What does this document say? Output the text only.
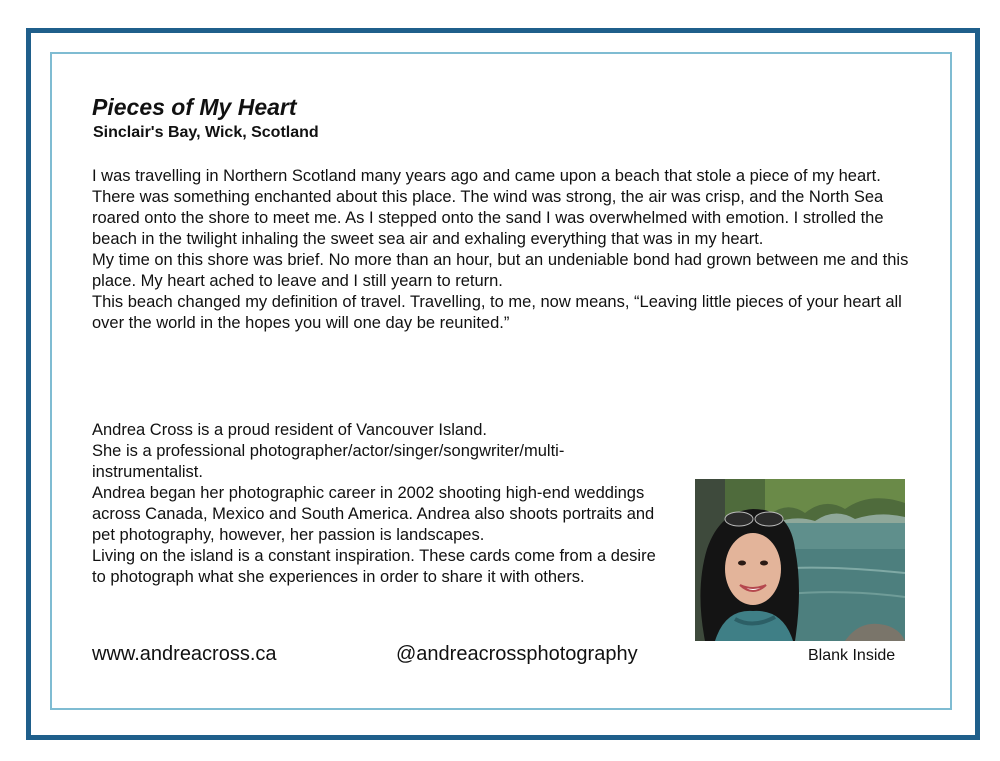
Pieces of My Heart
Sinclair's Bay, Wick, Scotland

I was travelling in Northern Scotland many years ago and came upon a beach that stole a piece of my heart. There was something enchanted about this place. The wind was strong, the air was crisp, and the North Sea roared onto the shore to meet me. As I stepped onto the sand I was overwhelmed with emotion. I strolled the beach in the twilight inhaling the sweet sea air and exhaling everything that was in my heart.

My time on this shore was brief. No more than an hour, but an undeniable bond had grown between me and this place. My heart ached to leave and I still yearn to return.

This beach changed my definition of travel. Travelling, to me, now means, “Leaving little pieces of your heart all over the world in the hopes you will one day be reunited.”

Andrea Cross is a proud resident of Vancouver Island.

She is a professional photographer/actor/singer/songwriter/multi-instrumentalist.

Andrea began her photographic career in 2002 shooting high-end weddings across Canada, Mexico and South America. Andrea also shoots portraits and pet photography, however, her passion is landscapes.

Living on the island is a constant inspiration. These cards come from a desire to photograph what she experiences in order to share it with others.

www.andreacross.ca	@andreacrossphotography	Blank Inside
